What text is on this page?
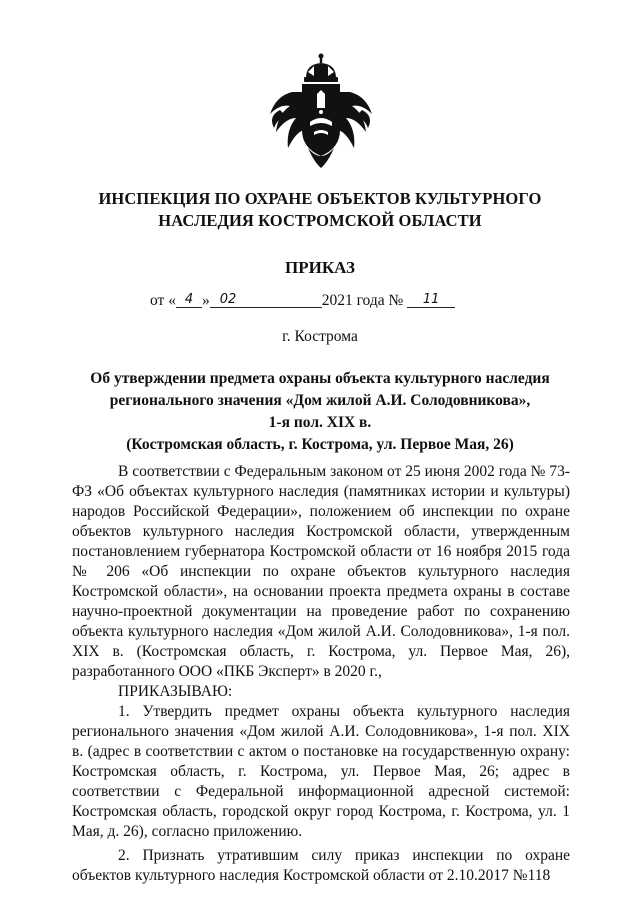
ИНСПЕКЦИЯ ПО ОХРАНЕ ОБЪЕКТОВ КУЛЬТУРНОГО
НАСЛЕДИЯ КОСТРОМСКОЙ ОБЛАСТИ
ПРИКАЗ
от « 4 » 02	2021 года № 11
г. Кострома
Об утверждении предмета охраны объекта культурного наследия
регионального значения «Дом жилой А.И. Солодовникова»,
1-я пол. XIX в.
(Костромская область, г. Кострома, ул. Первое Мая, 26)

В соответствии с Федеральным законом от 25 июня 2002 года № 73-ФЗ «Об объектах культурного наследия (памятниках истории и культуры) народов Российской Федерации», положением об инспекции по охране объектов культурного наследия Костромской области, утвержденным постановлением губернатора Костромской области от 16 ноября 2015 года № 206 «Об инспекции по охране объектов культурного наследия Костромской области», на основании проекта предмета охраны в составе научно-проектной документации на проведение работ по сохранению объекта культурного наследия «Дом жилой А.И. Солодовникова», 1-я пол. XIX в. (Костромская область, г. Кострома, ул. Первое Мая, 26), разработанного ООО «ПКБ Эксперт» в 2020 г.,

ПРИКАЗЫВАЮ:

1. Утвердить предмет охраны объекта культурного наследия регионального значения «Дом жилой А.И. Солодовникова», 1-я пол. XIX в. (адрес в соответствии с актом о постановке на государственную охрану: Костромская область, г. Кострома, ул. Первое Мая, 26; адрес в соответствии с Федеральной информационной адресной системой: Костромская область, городской округ город Кострома, г. Кострома, ул. 1 Мая, д. 26), согласно приложению.

2. Признать утратившим силу приказ инспекции по охране объектов культурного наследия Костромской области от 2.10.2017 №118
